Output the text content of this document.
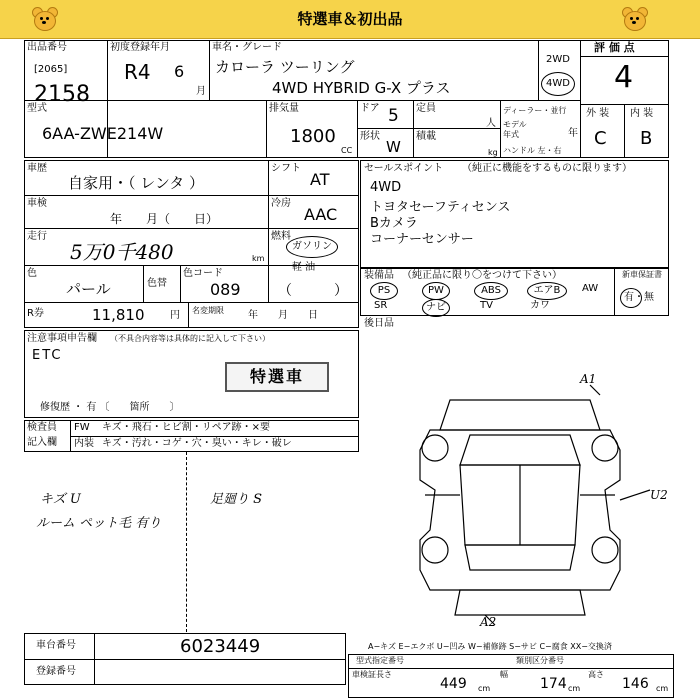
特選車＆初出品
出品番号
[2065]
2158
初度登録年月
R4 6
月
車名・グレード
カローラ ツーリング
4WD HYBRID G-X プラス
2WD
4WD
評 価 点
4
型式
6AA-ZWE214W
排気量
1800
CC
ドア 5
形状
W
定員
人
積載
kg
ディーラー・並行
モデル
年式	年
ハンドル 左・右
外 装
C
内 装
B
車歴
自家用・（ レンタ ）
シフト
AT
車検
年　　月（　　日）
冷房
AAC
走行
5万0千480	km
燃料
ガソリン
軽 油
色
パール	色替
色コード
089	（　　　）
R券	11,810	円 名変期限 年　　月　　日
注意事項申告欄 （不具合内容等は具体的に記入して下さい）
ETC
特選車
修復歴 ・ 有 〔　　箇所　　〕
セールスポイント （純正に機能をするものに限ります）
4WD
トヨタセーフティセンス
Bカメラ
コーナーセンサー
装備品 （純正品に限り〇をつけて下さい）	新車保証書
有・無
PS	PW	ABS	エアB	AW
SR	ナビ	TV	カワ
後日品
A1
U2
A2
検査員
記入欄
FW キズ・飛石・ヒビ割・リペア跡・×要
内装 キズ・汚れ・コゲ・穴・臭い・キレ・破レ
キズ U
ルーム ペット毛 有り
足廻り S
車台番号	6023449
登録番号
A−キズ E−エクボ U−凹み W−補修跡 S−サビ C−腐食 XX−交換済
型式指定番号	類別区分番号
車検証長さ
449 cm
幅
174 cm
高さ
146 cm
